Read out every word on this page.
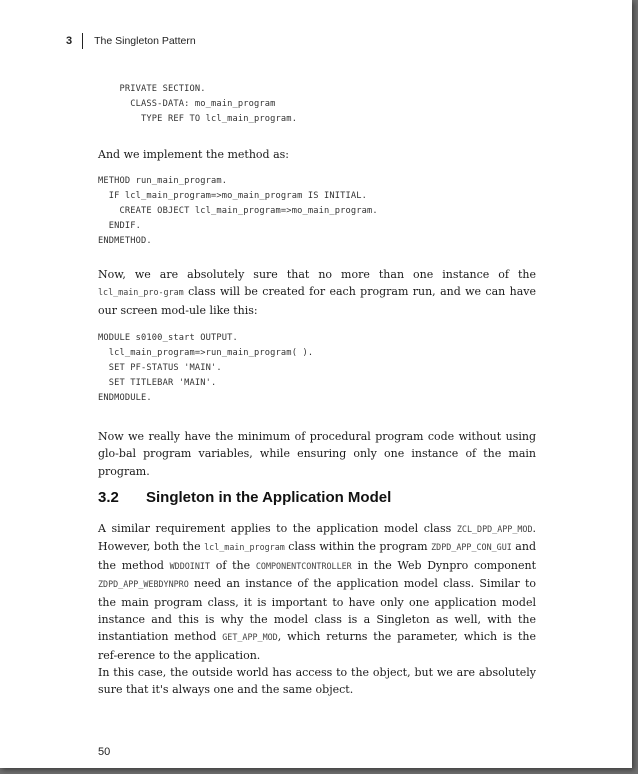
3 The Singleton Pattern
PRIVATE SECTION.
CLASS-DATA: mo_main_program
TYPE REF TO lcl_main_program.

And we implement the method as:

METHOD run_main_program.
IF lcl_main_program=>mo_main_program IS INITIAL.
CREATE OBJECT lcl_main_program=>mo_main_program.
ENDIF.
ENDMETHOD.

Now, we are absolutely sure that no more than one instance of the lcl_main_pro-gram class will be created for each program run, and we can have our screen mod-ule like this:

MODULE s0100_start OUTPUT.
lcl_main_program=>run_main_program( ).
SET PF-STATUS 'MAIN'.
SET TITLEBAR 'MAIN'.
ENDMODULE.

Now we really have the minimum of procedural program code without using glo-bal program variables, while ensuring only one instance of the main program.

3.2 Singleton in the Application Model

A similar requirement applies to the application model class ZCL_DPD_APP_MOD. However, both the lcl_main_program class within the program ZDPD_APP_CON_GUI and the method WDDOINIT of the COMPONENTCONTROLLER in the Web Dynpro component ZDPD_APP_WEBDYNPRO need an instance of the application model class. Similar to the main program class, it is important to have only one application model instance and this is why the model class is a Singleton as well, with the instantiation method GET_APP_MOD, which returns the parameter, which is the ref-erence to the application.

In this case, the outside world has access to the object, but we are absolutely sure that it's always one and the same object.

50
